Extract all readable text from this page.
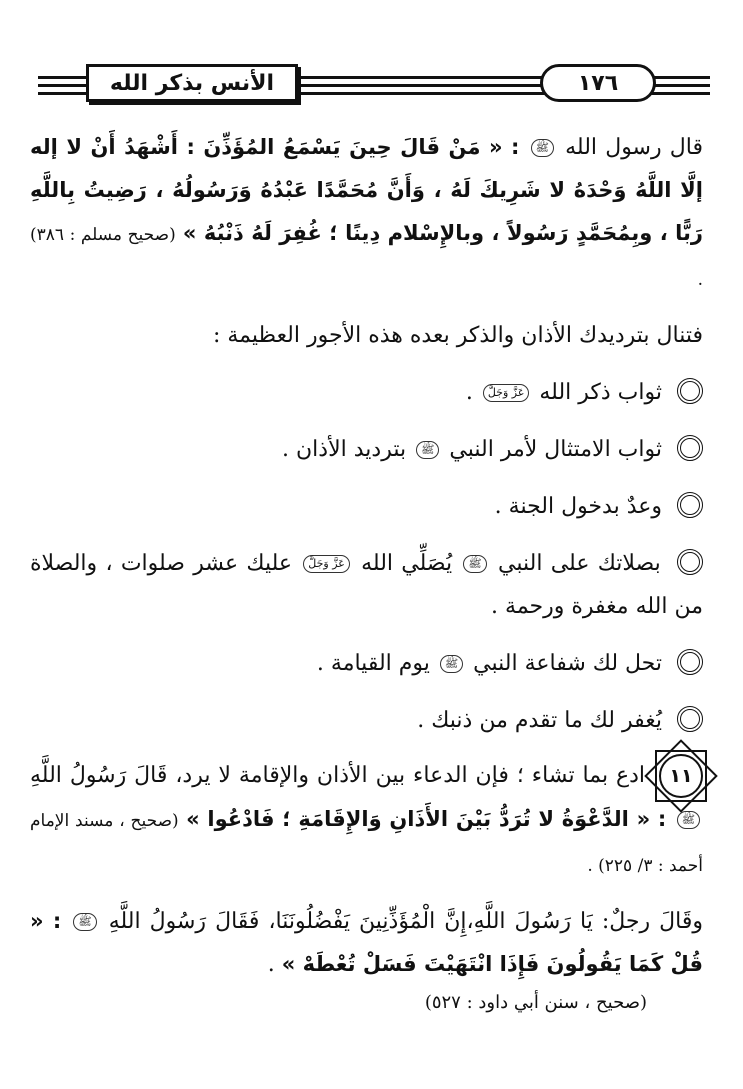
الأنس بذكر الله	١٧٦

قال رسول الله ﷺ : « مَنْ قَالَ حِينَ يَسْمَعُ المُؤَذِّنَ : أَشْهَدُ أَنْ لا إله إلَّا اللَّهُ وَحْدَهُ لا شَرِيكَ لَهُ ، وَأَنَّ مُحَمَّدًا عَبْدُهُ وَرَسُولُهُ ، رَضِيتُ بِاللَّهِ رَبًّا ، وبِمُحَمَّدٍ رَسُولاً ، وبالإِسْلام دِينًا ؛ غُفِرَ لَهُ ذَنْبُهُ » (صحيح مسلم : ٣٨٦) .

فتنال بترديدك الأذان والذكر بعده هذه الأجور العظيمة :

ثواب ذكر الله عَزَّ وَجَلَّ .

ثواب الامتثال لأمر النبي ﷺ بترديد الأذان .

وعدٌ بدخول الجنة .

بصلاتك على النبي ﷺ يُصَلِّي الله عَزَّ وَجَلَّ عليك عشر صلوات ، والصلاة من الله مغفرة ورحمة .

تحل لك شفاعة النبي ﷺ يوم القيامة .

يُغفر لك ما تقدم من ذنبك .

١١ ادع بما تشاء ؛ فإن الدعاء بين الأذان والإقامة لا يرد، قَالَ رَسُولُ اللَّهِ ﷺ : « الدَّعْوَةُ لا تُرَدُّ بَيْنَ الأَذَانِ وَالإِقَامَةِ ؛ فَادْعُوا » (صحيح ، مسند الإمام أحمد : ٣/ ٢٢٥) .

وقَالَ رجلٌ: يَا رَسُولَ اللَّهِ،إِنَّ الْمُؤَذِّنِينَ يَفْضُلُونَنَا، فَقَالَ رَسُولُ اللَّهِ ﷺ : « قُلْ كَمَا يَقُولُونَ فَإِذَا انْتَهَيْتَ فَسَلْ تُعْطَهْ » .

(صحيح ، سنن أبي داود : ٥٢٧)
